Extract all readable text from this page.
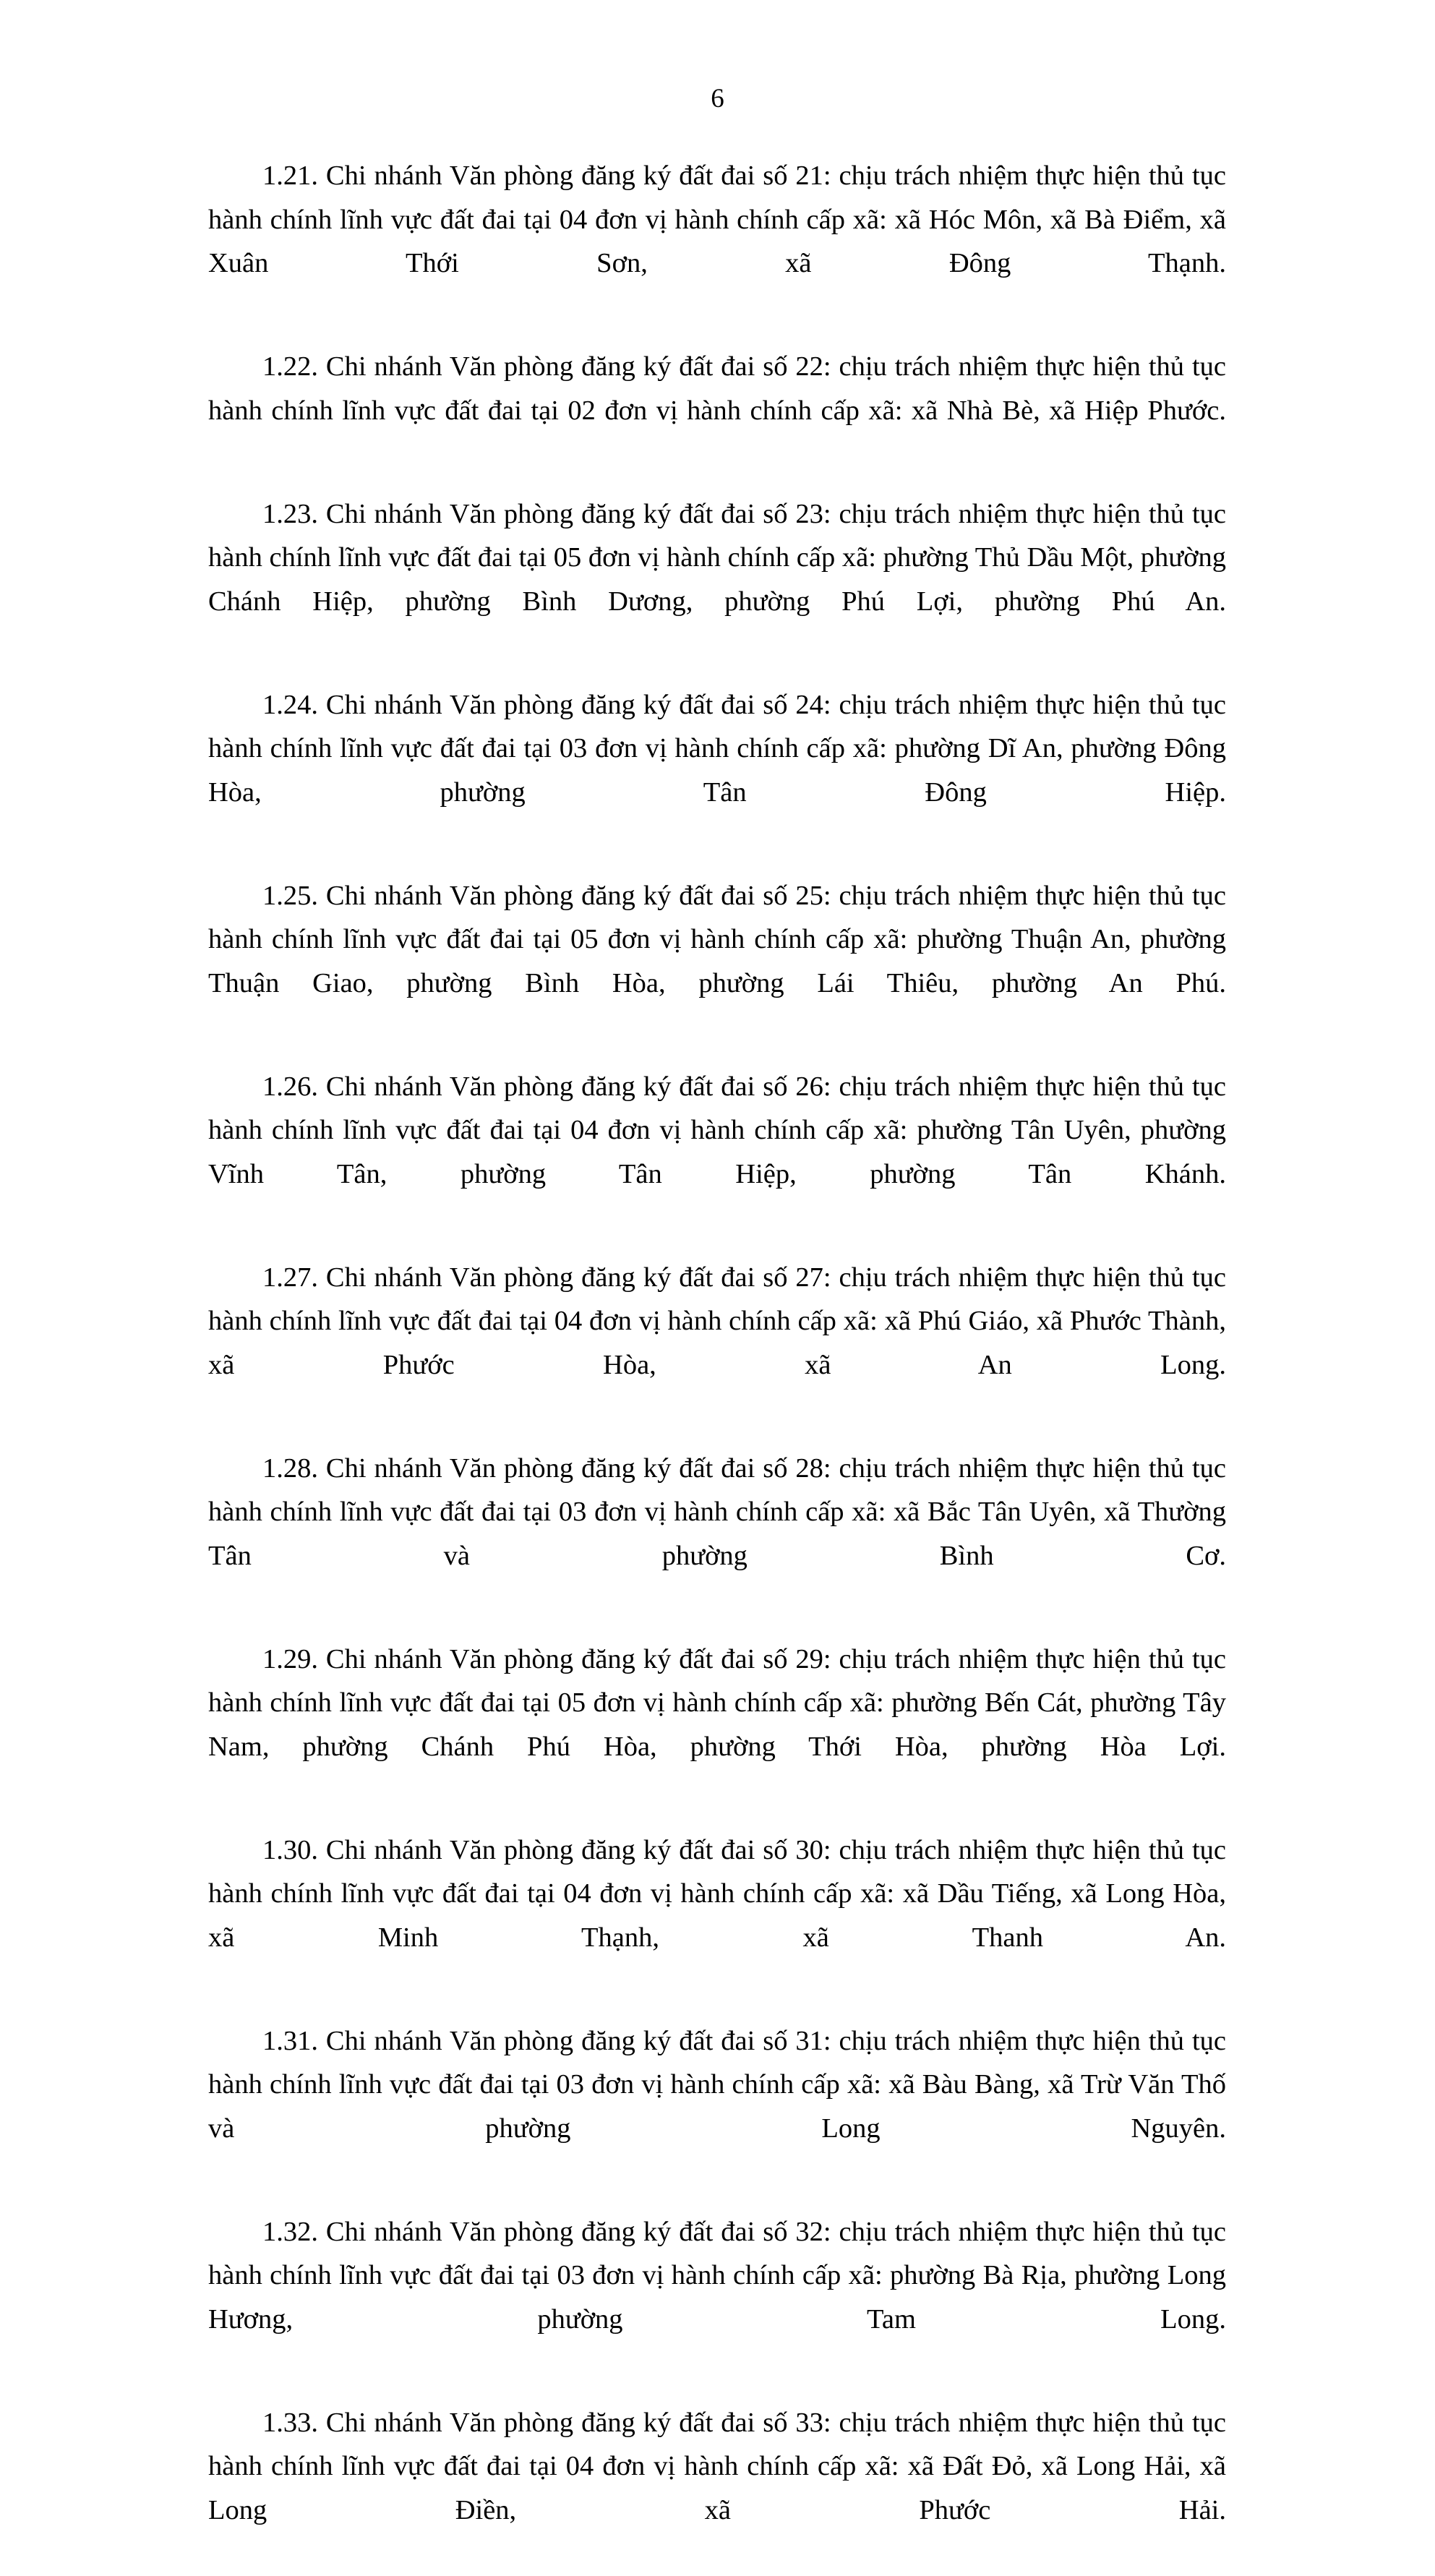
6

1.21. Chi nhánh Văn phòng đăng ký đất đai số 21: chịu trách nhiệm thực hiện thủ tục hành chính lĩnh vực đất đai tại 04 đơn vị hành chính cấp xã: xã Hóc Môn, xã Bà Điểm, xã Xuân Thới Sơn, xã Đông Thạnh.

1.22. Chi nhánh Văn phòng đăng ký đất đai số 22: chịu trách nhiệm thực hiện thủ tục hành chính lĩnh vực đất đai tại 02 đơn vị hành chính cấp xã: xã Nhà Bè, xã Hiệp Phước.

1.23. Chi nhánh Văn phòng đăng ký đất đai số 23: chịu trách nhiệm thực hiện thủ tục hành chính lĩnh vực đất đai tại 05 đơn vị hành chính cấp xã: phường Thủ Dầu Một, phường Chánh Hiệp, phường Bình Dương, phường Phú Lợi, phường Phú An.

1.24. Chi nhánh Văn phòng đăng ký đất đai số 24: chịu trách nhiệm thực hiện thủ tục hành chính lĩnh vực đất đai tại 03 đơn vị hành chính cấp xã: phường Dĩ An, phường Đông Hòa, phường Tân Đông Hiệp.

1.25. Chi nhánh Văn phòng đăng ký đất đai số 25: chịu trách nhiệm thực hiện thủ tục hành chính lĩnh vực đất đai tại 05 đơn vị hành chính cấp xã: phường Thuận An, phường Thuận Giao, phường Bình Hòa, phường Lái Thiêu, phường An Phú.

1.26. Chi nhánh Văn phòng đăng ký đất đai số 26: chịu trách nhiệm thực hiện thủ tục hành chính lĩnh vực đất đai tại 04 đơn vị hành chính cấp xã: phường Tân Uyên, phường Vĩnh Tân, phường Tân Hiệp, phường Tân Khánh.

1.27. Chi nhánh Văn phòng đăng ký đất đai số 27: chịu trách nhiệm thực hiện thủ tục hành chính lĩnh vực đất đai tại 04 đơn vị hành chính cấp xã: xã Phú Giáo, xã Phước Thành, xã Phước Hòa, xã An Long.

1.28. Chi nhánh Văn phòng đăng ký đất đai số 28: chịu trách nhiệm thực hiện thủ tục hành chính lĩnh vực đất đai tại 03 đơn vị hành chính cấp xã: xã Bắc Tân Uyên, xã Thường Tân và phường Bình Cơ.

1.29. Chi nhánh Văn phòng đăng ký đất đai số 29: chịu trách nhiệm thực hiện thủ tục hành chính lĩnh vực đất đai tại 05 đơn vị hành chính cấp xã: phường Bến Cát, phường Tây Nam, phường Chánh Phú Hòa, phường Thới Hòa, phường Hòa Lợi.

1.30. Chi nhánh Văn phòng đăng ký đất đai số 30: chịu trách nhiệm thực hiện thủ tục hành chính lĩnh vực đất đai tại 04 đơn vị hành chính cấp xã: xã Dầu Tiếng, xã Long Hòa, xã Minh Thạnh, xã Thanh An.

1.31. Chi nhánh Văn phòng đăng ký đất đai số 31: chịu trách nhiệm thực hiện thủ tục hành chính lĩnh vực đất đai tại 03 đơn vị hành chính cấp xã: xã Bàu Bàng, xã Trừ Văn Thố và phường Long Nguyên.

1.32. Chi nhánh Văn phòng đăng ký đất đai số 32: chịu trách nhiệm thực hiện thủ tục hành chính lĩnh vực đất đai tại 03 đơn vị hành chính cấp xã: phường Bà Rịa, phường Long Hương, phường Tam Long.

1.33. Chi nhánh Văn phòng đăng ký đất đai số 33: chịu trách nhiệm thực hiện thủ tục hành chính lĩnh vực đất đai tại 04 đơn vị hành chính cấp xã: xã Đất Đỏ, xã Long Hải, xã Long Điền, xã Phước Hải.
